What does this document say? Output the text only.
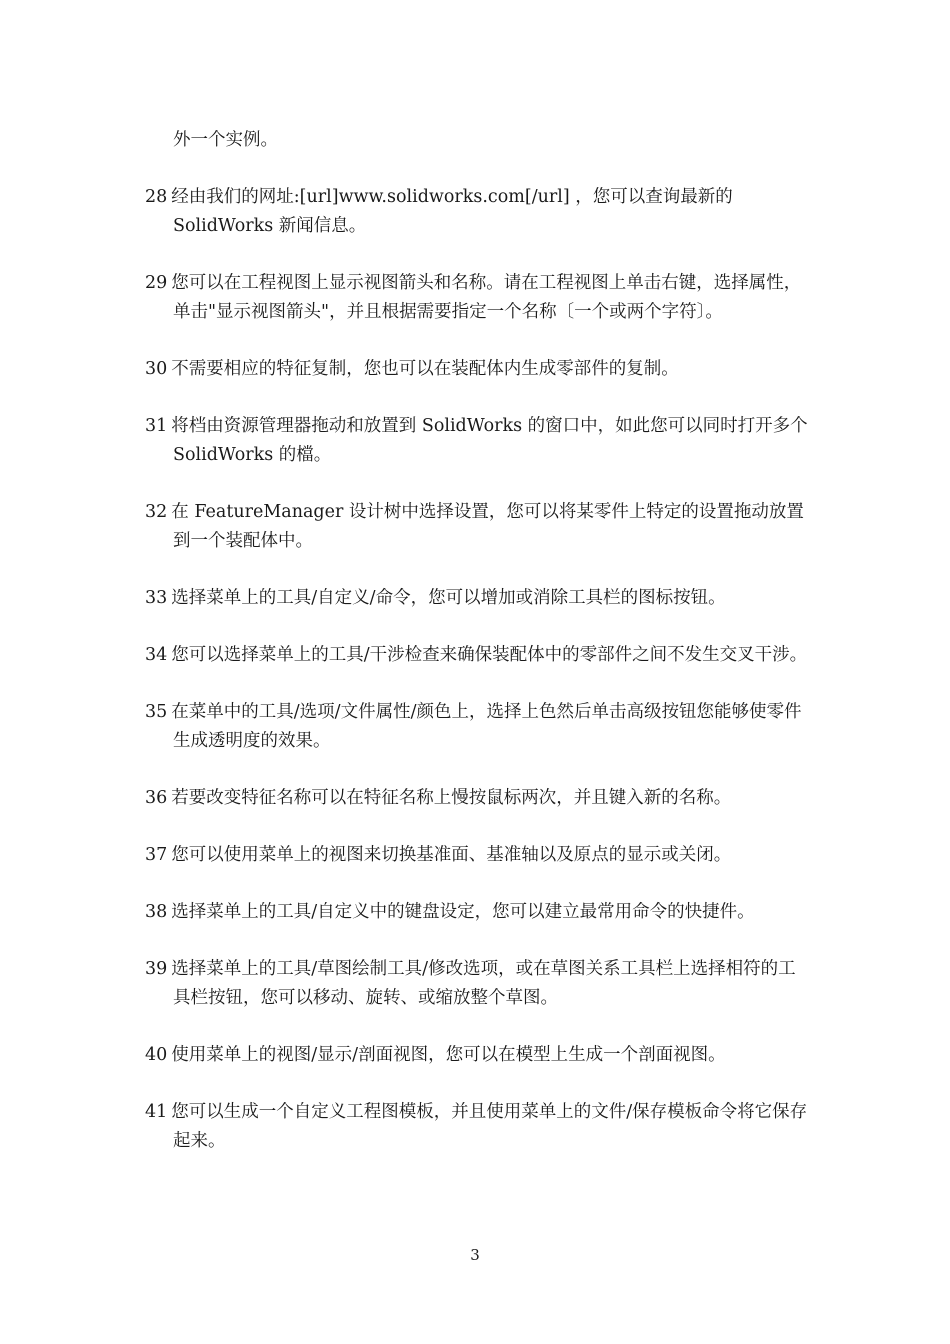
外一个实例。
28 经由我们的网址:[url]www.solidworks.com[/url] ，您可以查询最新的 SolidWorks 新闻信息。
29 您可以在工程视图上显示视图箭头和名称。请在工程视图上单击右键，选择属性，单击"显示视图箭头"，并且根据需要指定一个名称〔一个或两个字符〕。
30 不需要相应的特征复制，您也可以在装配体内生成零部件的复制。
31 将档由资源管理器拖动和放置到 SolidWorks 的窗口中，如此您可以同时打开多个 SolidWorks 的檔。
32 在 FeatureManager 设计树中选择设置，您可以将某零件上特定的设置拖动放置到一个装配体中。
33 选择菜单上的工具/自定义/命令，您可以增加或消除工具栏的图标按钮。
34 您可以选择菜单上的工具/干涉检查来确保装配体中的零部件之间不发生交叉干涉。
35 在菜单中的工具/选项/文件属性/颜色上，选择上色然后单击高级按钮您能够使零件生成透明度的效果。
36 若要改变特征名称可以在特征名称上慢按鼠标两次，并且键入新的名称。
37 您可以使用菜单上的视图来切换基准面、基准轴以及原点的显示或关闭。
38 选择菜单上的工具/自定义中的键盘设定，您可以建立最常用命令的快捷件。
39 选择菜单上的工具/草图绘制工具/修改选项，或在草图关系工具栏上选择相符的工具栏按钮，您可以移动、旋转、或缩放整个草图。
40 使用菜单上的视图/显示/剖面视图，您可以在模型上生成一个剖面视图。
41 您可以生成一个自定义工程图模板，并且使用菜单上的文件/保存模板命令将它保存起来。
3
